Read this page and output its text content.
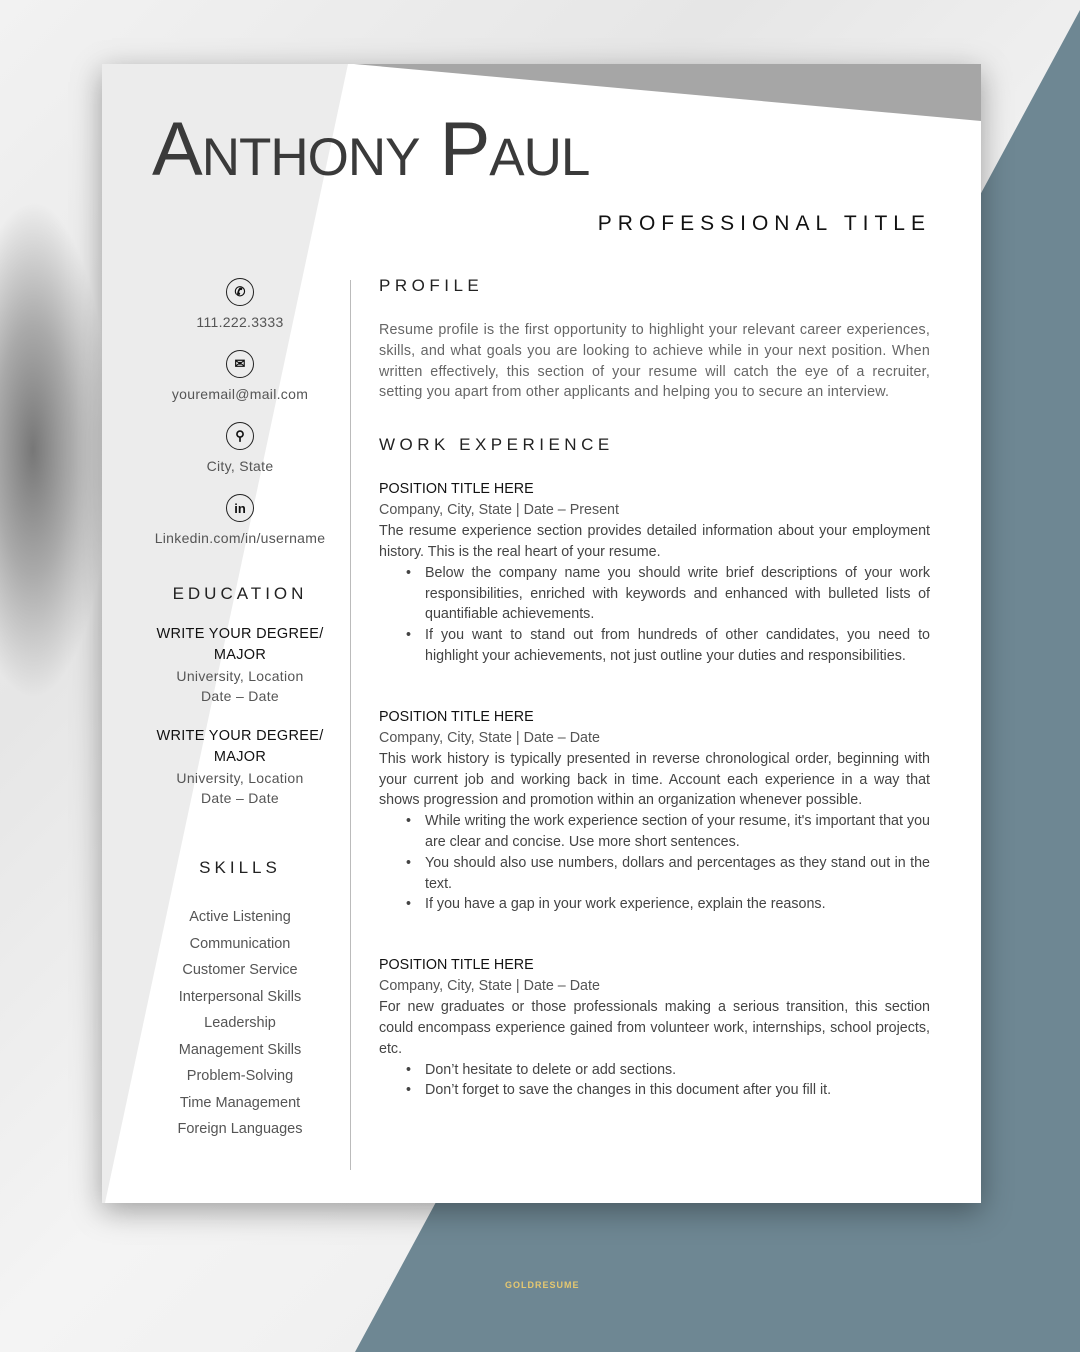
Anthony Paul
PROFESSIONAL TITLE
✆
111.222.3333
✉
youremail@mail.com
⚲
City, State
in
Linkedin.com/in/username
EDUCATION
WRITE YOUR DEGREE/ MAJOR
University, Location
Date – Date
WRITE YOUR DEGREE/ MAJOR
University, Location
Date – Date
SKILLS
Active Listening
Communication
Customer Service
Interpersonal Skills
Leadership
Management Skills
Problem-Solving
Time Management
Foreign Languages
PROFILE
Resume profile is the first opportunity to highlight your relevant career experiences, skills, and what goals you are looking to achieve while in your next position. When written effectively, this section of your resume will catch the eye of a recruiter, setting you apart from other applicants and helping you to secure an interview.
WORK EXPERIENCE
POSITION TITLE HERE
Company, City, State | Date – Present
The resume experience section provides detailed information about your employment history. This is the real heart of your resume.
• Below the company name you should write brief descriptions of your work responsibilities, enriched with keywords and enhanced with bulleted lists of quantifiable achievements.
• If you want to stand out from hundreds of other candidates, you need to highlight your achievements, not just outline your duties and responsibilities.
POSITION TITLE HERE
Company, City, State | Date – Date
This work history is typically presented in reverse chronological order, beginning with your current job and working back in time. Account each experience in a way that shows progression and promotion within an organization whenever possible.
• While writing the work experience section of your resume, it's important that you are clear and concise. Use more short sentences.
• You should also use numbers, dollars and percentages as they stand out in the text.
• If you have a gap in your work experience, explain the reasons.
POSITION TITLE HERE
Company, City, State | Date – Date
For new graduates or those professionals making a serious transition, this section could encompass experience gained from volunteer work, internships, school projects, etc.
• Don’t hesitate to delete or add sections.
• Don’t forget to save the changes in this document after you fill it.
GOLDRESUME
